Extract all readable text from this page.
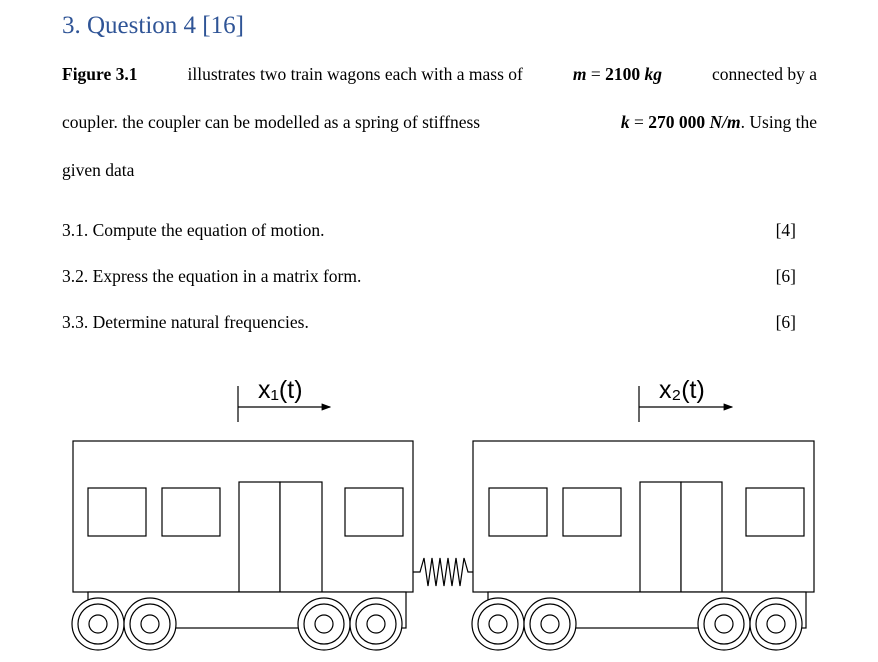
3. Question 4 [16]
Figure 3.1	illustrates two train wagons each with a mass of	m = 2100 kg	connected by a
coupler. the coupler can be modelled as a spring of stiffness	k = 270 000 N/m. Using the
given data
3.1. Compute the equation of motion.	[4]
3.2. Express the equation in a matrix form.	[6]
3.3. Determine natural frequencies.	[6]
x₁(t)	x₂(t)
